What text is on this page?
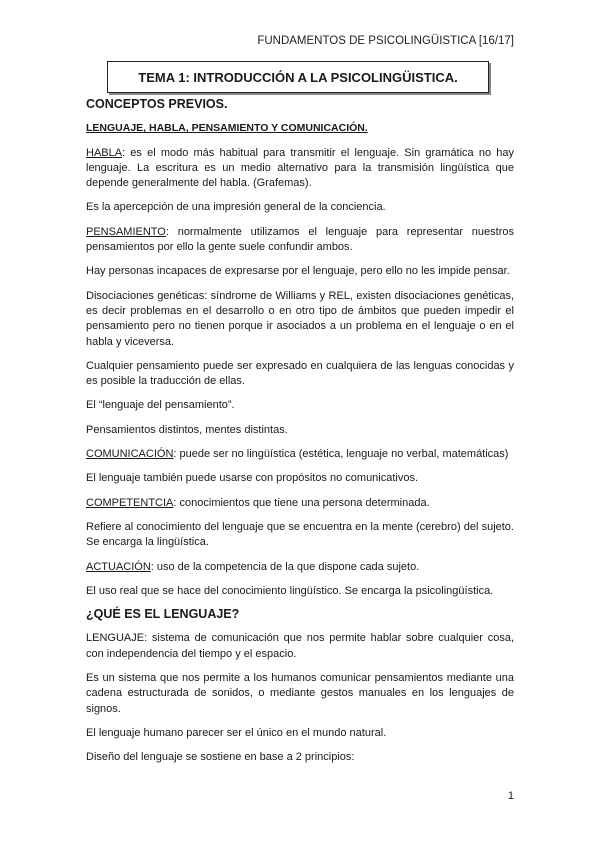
FUNDAMENTOS DE PSICOLINGÜISTICA [16/17]
TEMA 1: INTRODUCCIÓN A LA PSICOLINGÜISTICA.
CONCEPTOS PREVIOS.
LENGUAJE, HABLA, PENSAMIENTO Y COMUNICACIÓN.

HABLA: es el modo más habitual para transmitir el lenguaje. Sin gramática no hay lenguaje. La escritura es un medio alternativo para la transmisión lingüística que depende generalmente del habla. (Grafemas).

Es la apercepción de una impresión general de la conciencia.

PENSAMIENTO: normalmente utilizamos el lenguaje para representar nuestros pensamientos por ello la gente suele confundir ambos.

Hay personas incapaces de expresarse por el lenguaje, pero ello no les impide pensar.

Disociaciones genéticas: síndrome de Williams y REL, existen disociaciones genéticas, es decir problemas en el desarrollo o en otro tipo de ámbitos que pueden impedir el pensamiento pero no tienen porque ir asociados a un problema en el lenguaje o en el habla y viceversa.

Cualquier pensamiento puede ser expresado en cualquiera de las lenguas conocidas y es posible la traducción de ellas.

El “lenguaje del pensamiento”.

Pensamientos distintos, mentes distintas.

COMUNICACIÓN: puede ser no lingüística (estética, lenguaje no verbal, matemáticas)

El lenguaje también puede usarse con propósitos no comunicativos.

COMPETENTCIA: conocimientos que tiene una persona determinada.

Refiere al conocimiento del lenguaje que se encuentra en la mente (cerebro) del sujeto. Se encarga la lingüística.

ACTUACIÓN: uso de la competencia de la que dispone cada sujeto.

El uso real que se hace del conocimiento lingüístico. Se encarga la psicolingüística.

¿QUÉ ES EL LENGUAJE?

LENGUAJE: sistema de comunicación que nos permite hablar sobre cualquier cosa, con independencia del tiempo y el espacio.

Es un sistema que nos permite a los humanos comunicar pensamientos mediante una cadena estructurada de sonidos, o mediante gestos manuales en los lenguajes de signos.

El lenguaje humano parecer ser el único en el mundo natural.

Diseño del lenguaje se sostiene en base a 2 principios:

1
